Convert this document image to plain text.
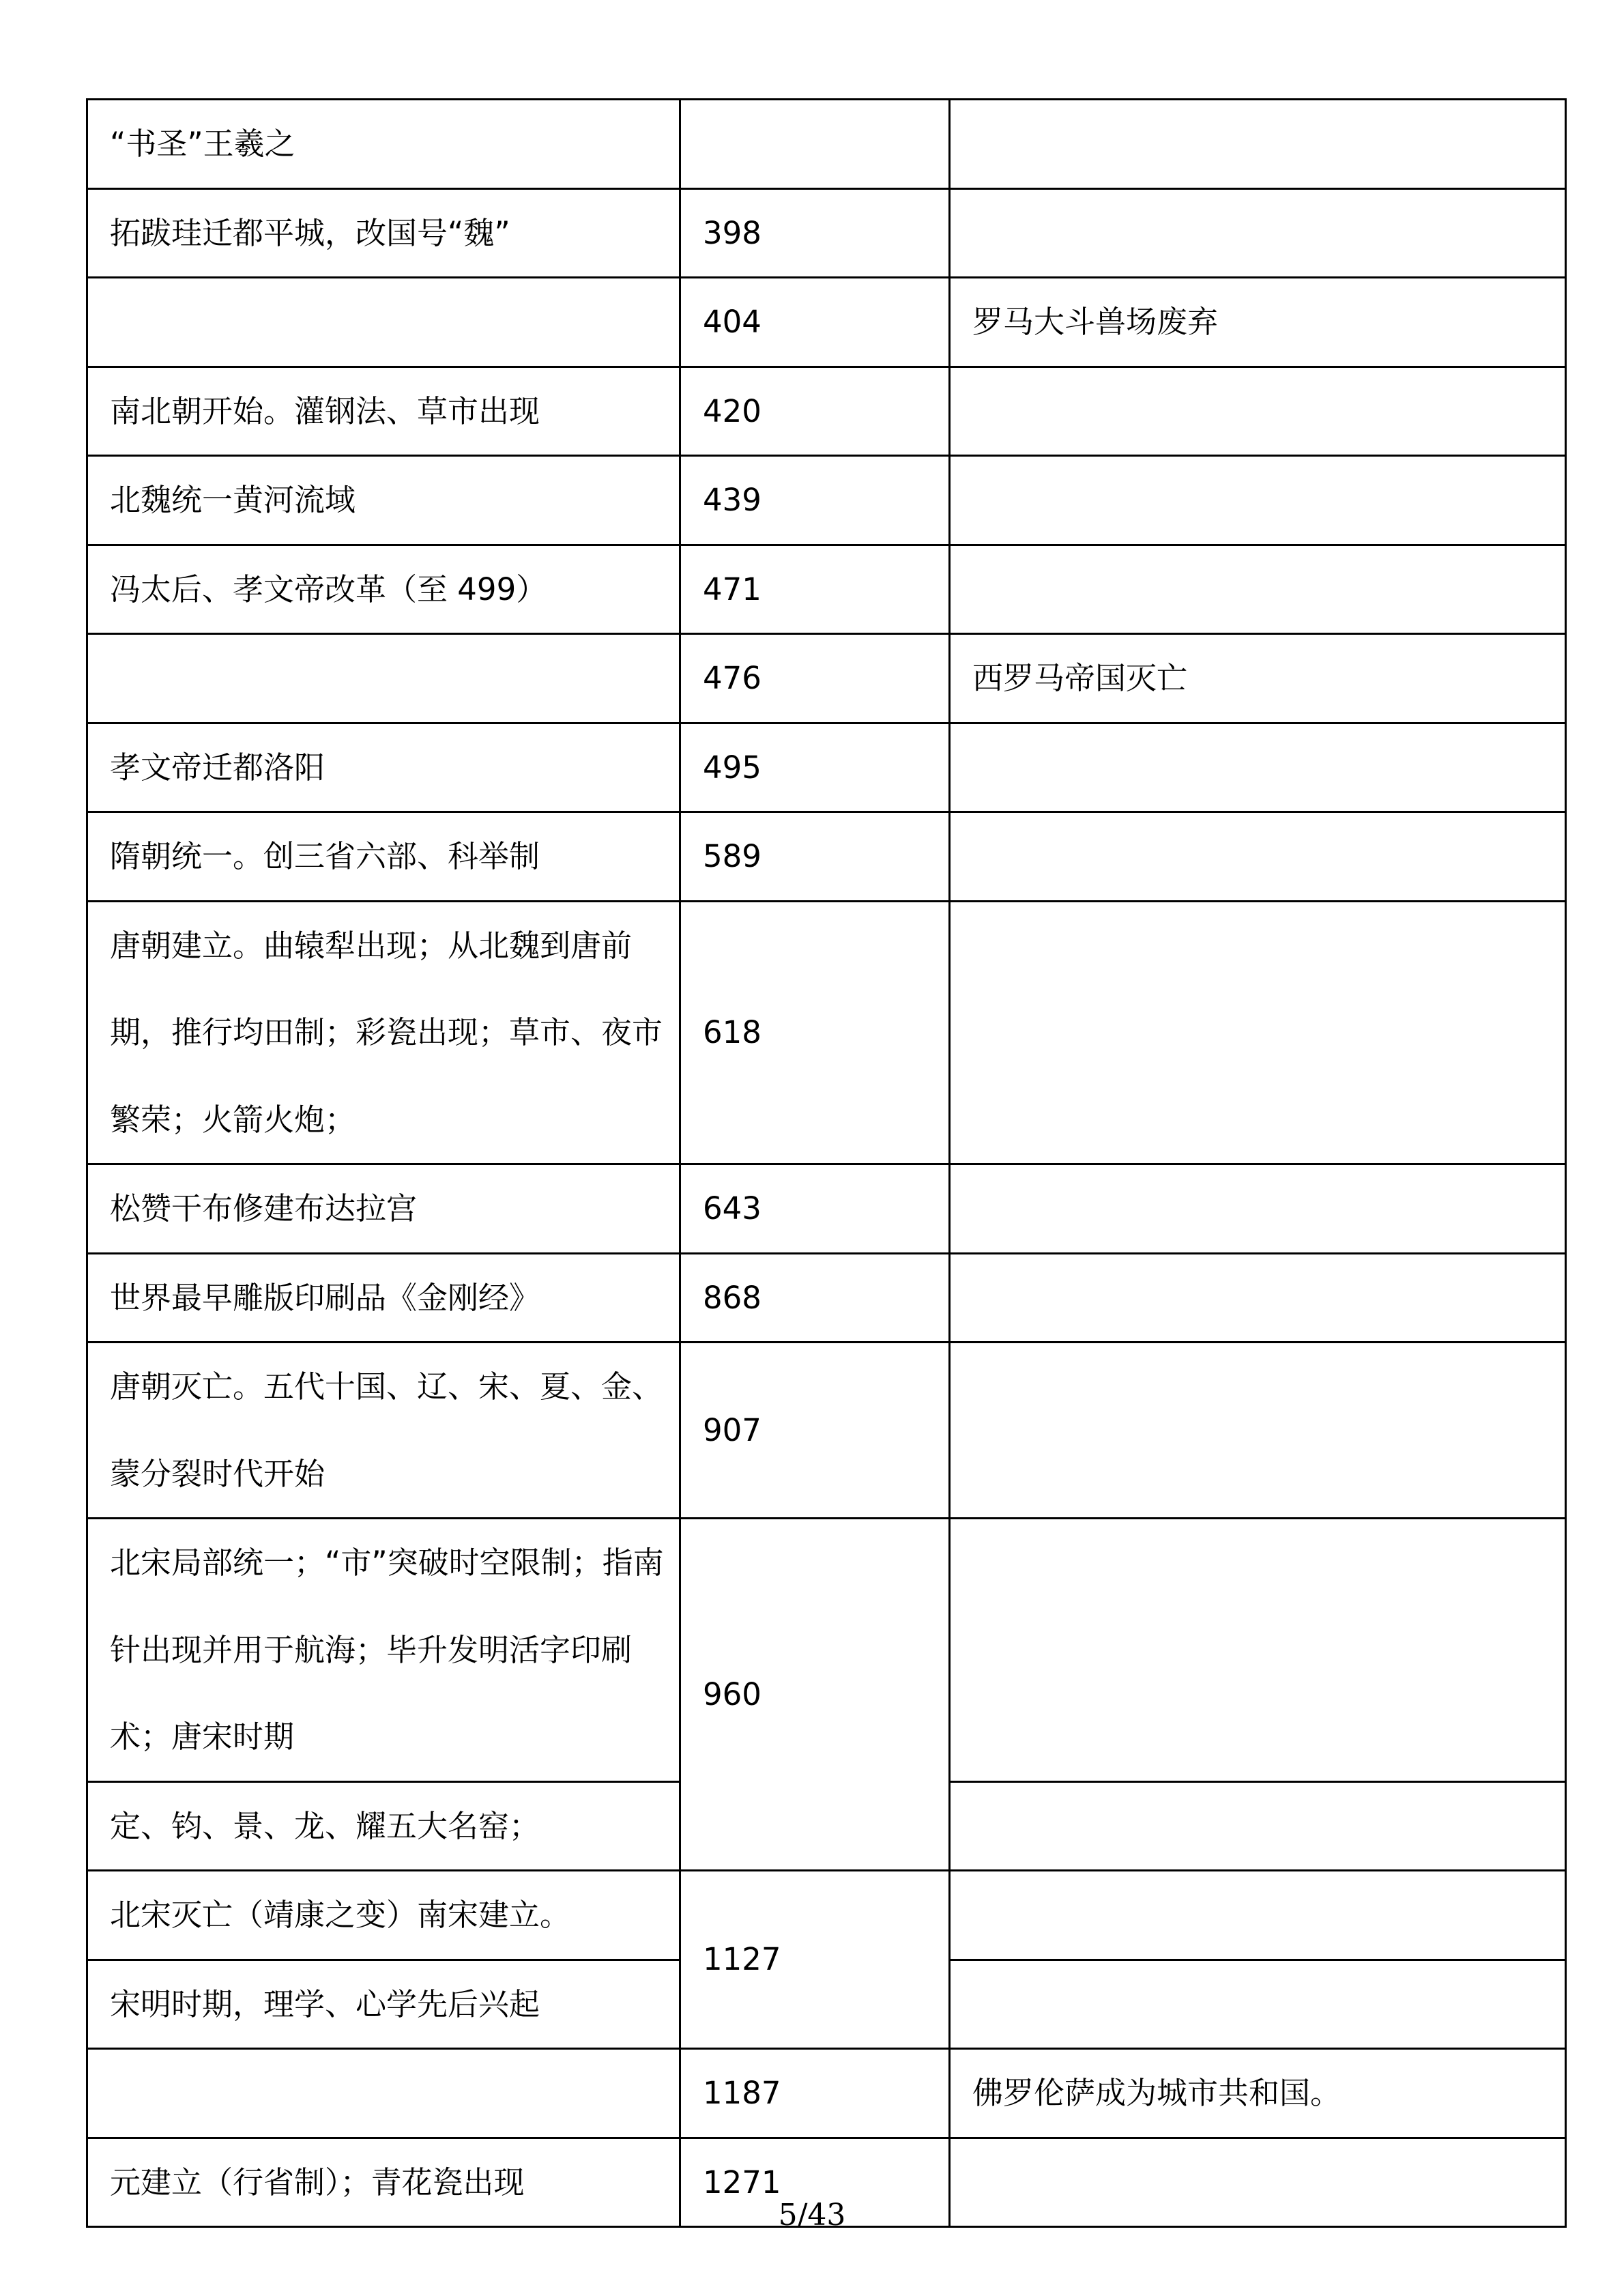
“书圣”王羲之		
拓跋珪迁都平城，改国号“魏”	398	
	404	罗马大斗兽场废弃
南北朝开始。灌钢法、草市出现	420	
北魏统一黄河流域	439	
冯太后、孝文帝改革（至 499）	471	
	476	西罗马帝国灭亡
孝文帝迁都洛阳	495	
隋朝统一。创三省六部、科举制	589	
唐朝建立。曲辕犁出现；从北魏到唐前期，推行均田制；彩瓷出现；草市、夜市繁荣；火箭火炮；	618	
松赞干布修建布达拉宫	643	
世界最早雕版印刷品《金刚经》	868	
唐朝灭亡。五代十国、辽、宋、夏、金、蒙分裂时代开始	907	
北宋局部统一；“市”突破时空限制；指南针出现并用于航海；毕升发明活字印刷术；唐宋时期	960	
定、钧、景、龙、耀五大名窑；		
北宋灭亡（靖康之变）南宋建立。	1127	
宋明时期，理学、心学先后兴起		
	1187	佛罗伦萨成为城市共和国。
元建立（行省制）；青花瓷出现	1271	
5/43
